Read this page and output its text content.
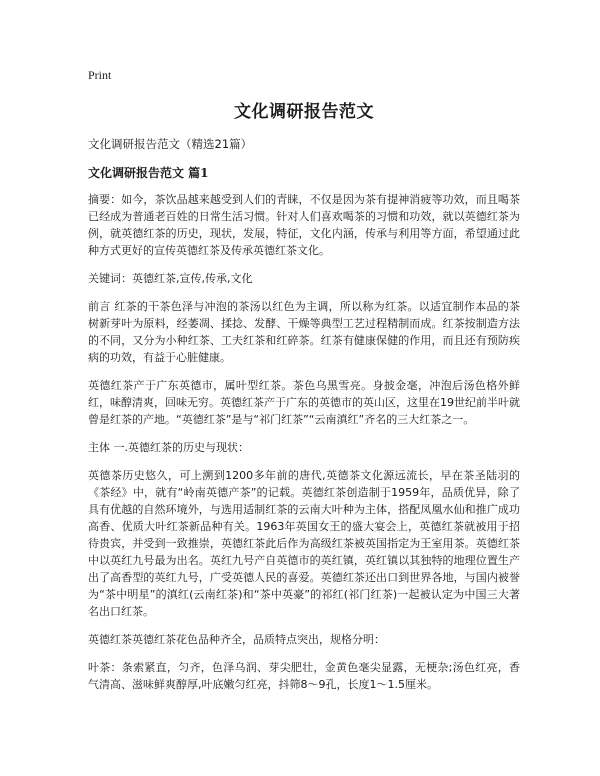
Print
文化调研报告范文

文化调研报告范文（精选21篇）

文化调研报告范文 篇1

摘要：如今，茶饮品越来越受到人们的青睐，不仅是因为茶有提神消疲等功效，而且喝茶已经成为普通老百姓的日常生活习惯。针对人们喜欢喝茶的习惯和功效，就以英德红茶为例，就英德红茶的历史，现状，发展，特征，文化内涵，传承与利用等方面，希望通过此种方式更好的宣传英德红茶及传承英德红茶文化。

关键词：英德红茶,宣传,传承,文化

前言 红茶的干茶色泽与冲泡的茶汤以红色为主调，所以称为红茶。以适宜制作本品的茶树新芽叶为原料，经萎凋、揉捻、发酵、干燥等典型工艺过程精制而成。红茶按制造方法的不同，又分为小种红茶、工夫红茶和红碎茶。红茶有健康保健的作用，而且还有预防疾病的功效，有益于心脏健康。

英德红茶产于广东英德市，属叶型红茶。茶色乌黑雪亮。身披金毫，冲泡后汤色格外鲜红，味醇清爽，回味无穷。英德红茶产于广东的英德市的英山区，这里在19世纪前半叶就曾是红茶的产地。“英德红茶”是与“祁门红茶”“云南滇红”齐名的三大红茶之一。

主体 一.英德红茶的历史与现状：

英德茶历史悠久，可上溯到1200多年前的唐代,英德茶文化源远流长，早在茶圣陆羽的《茶经》中，就有“岭南英德产茶”的记载。英德红茶创造制于1959年，品质优异，除了具有优越的自然环境外，与选用适制红茶的云南大叶种为主体，搭配凤凰水仙和推广成功高香、优质大叶红茶新品种有关。1963年英国女王的盛大宴会上，英德红茶就被用于招待贵宾，并受到一致推崇，英德红茶此后作为高级红茶被英国指定为王室用茶。英德红茶中以英红九号最为出名。英红九号产自英德市的英红镇，英红镇以其独特的地理位置生产出了高香型的英红九号，广受英德人民的喜爱。英德红茶还出口到世界各地，与国内被誉为“茶中明星”的滇红(云南红茶)和“茶中英豪”的祁红(祁门红茶)一起被认定为中国三大著名出口红茶。

英德红茶英德红茶花色品种齐全，品质特点突出，规格分明：

叶茶：条索紧直，匀齐，色泽乌润、芽尖肥壮，金黄色毫尖显露，无梗杂;汤色红亮，香气清高、滋味鲜爽醇厚,叶底嫩匀红亮，抖筛8～9孔，长度1～1.5厘米。
